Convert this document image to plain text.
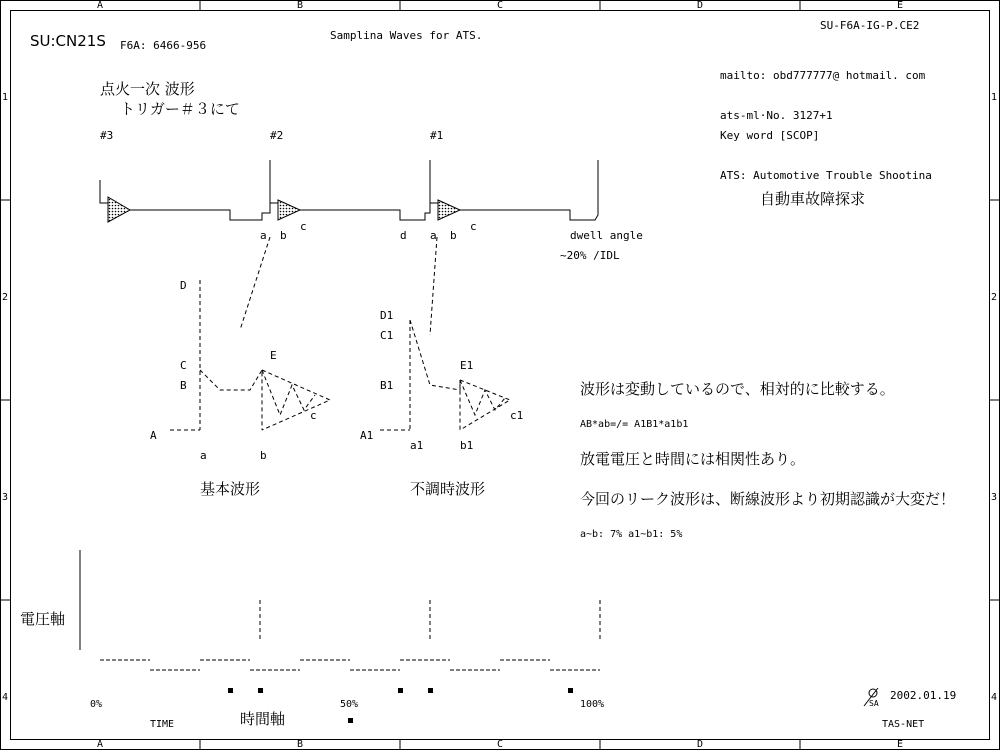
A	B	C	D	E
A	B	C	D	E
1
2
3
4
1
2
3
4
SU:CN21S F6A: 6466-956
Samplina Waves for ATS.
SU-F6A-IG-P.CE2
mailto: obd777777@ hotmail. com
ats-ml·No. 3127+1
Key word [SCOP]
ATS: Automotive Trouble Shootina
自動車故障探求
点火一次 波形
トリガー＃３にて
#3	#2	#1
a b
c
d a b
c
dwell angle
~20% /IDL
D
C
B
A
E
a	b
c
基本波形
D1
C1
B1
A1
E1
a1	b1
c1
不調時波形
波形は変動しているので、相対的に比較する。
AB*ab=/= A1B1*a1b1
放電電圧と時間には相関性あり。
今回のリーク波形は、断線波形より初期認識が大変だ！
a~b: 7% a1~b1: 5%
電圧軸
時間軸
TIME
0%	50%	100%
2002.01.19
SA
TAS-NET
